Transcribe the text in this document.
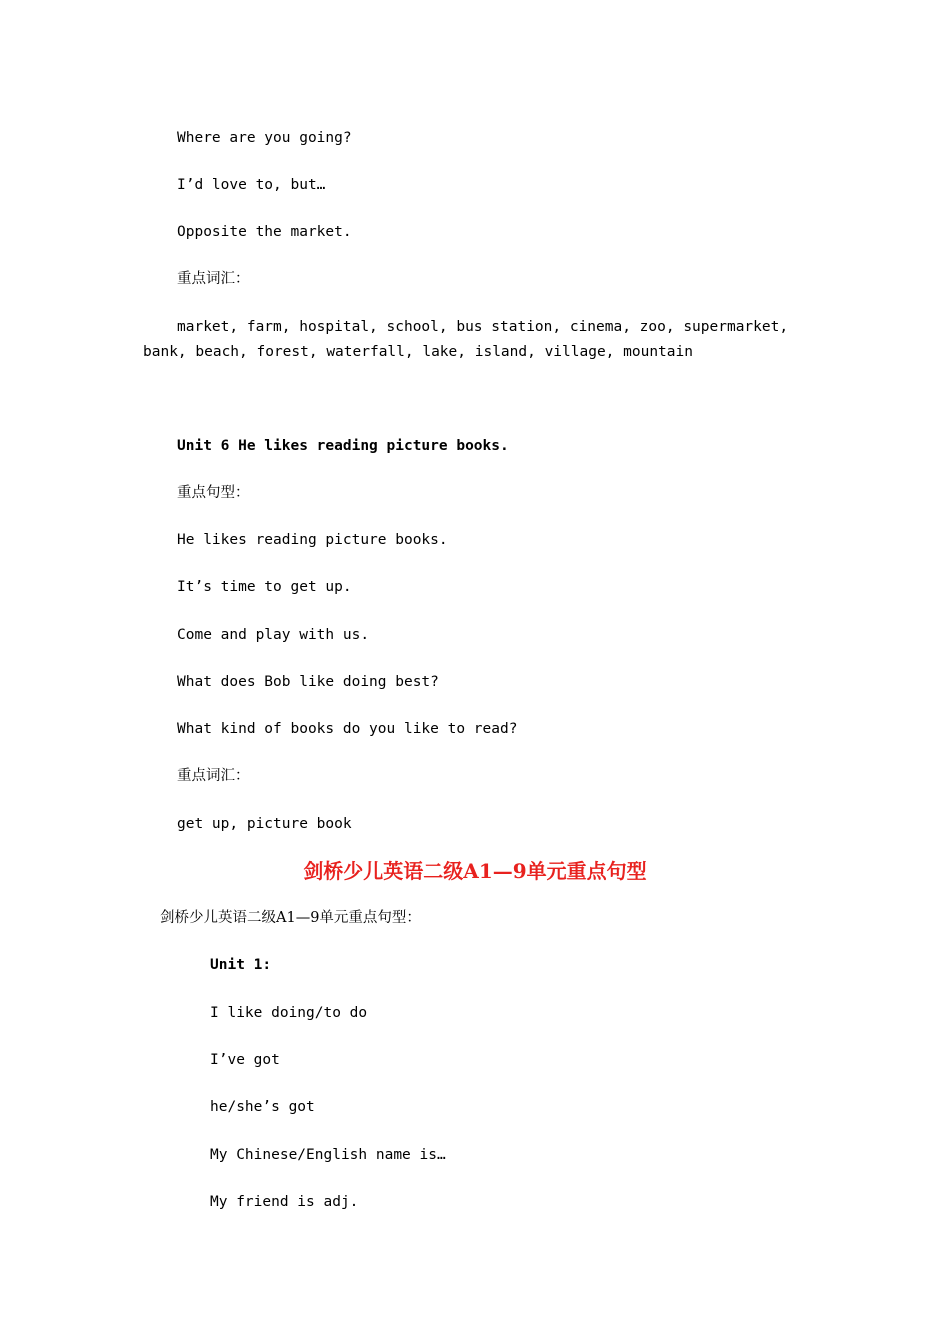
Where are you going?

I’d love to, but…

Opposite the market.

重点词汇：

market, farm, hospital, school, bus station, cinema, zoo, supermarket,

bank, beach, forest, waterfall, lake, island, village, mountain

Unit 6 He likes reading picture books.

重点句型：

He likes reading picture books.

It’s time to get up.

Come and play with us.

What does Bob like doing best?

What kind of books do you like to read?

重点词汇：

get up, picture book

剑桥少儿英语二级A1—9单元重点句型

剑桥少儿英语二级A1—9单元重点句型：

Unit 1:

I like doing/to do

I’ve got

he/she’s got

My Chinese/English name is…

My friend is adj.
